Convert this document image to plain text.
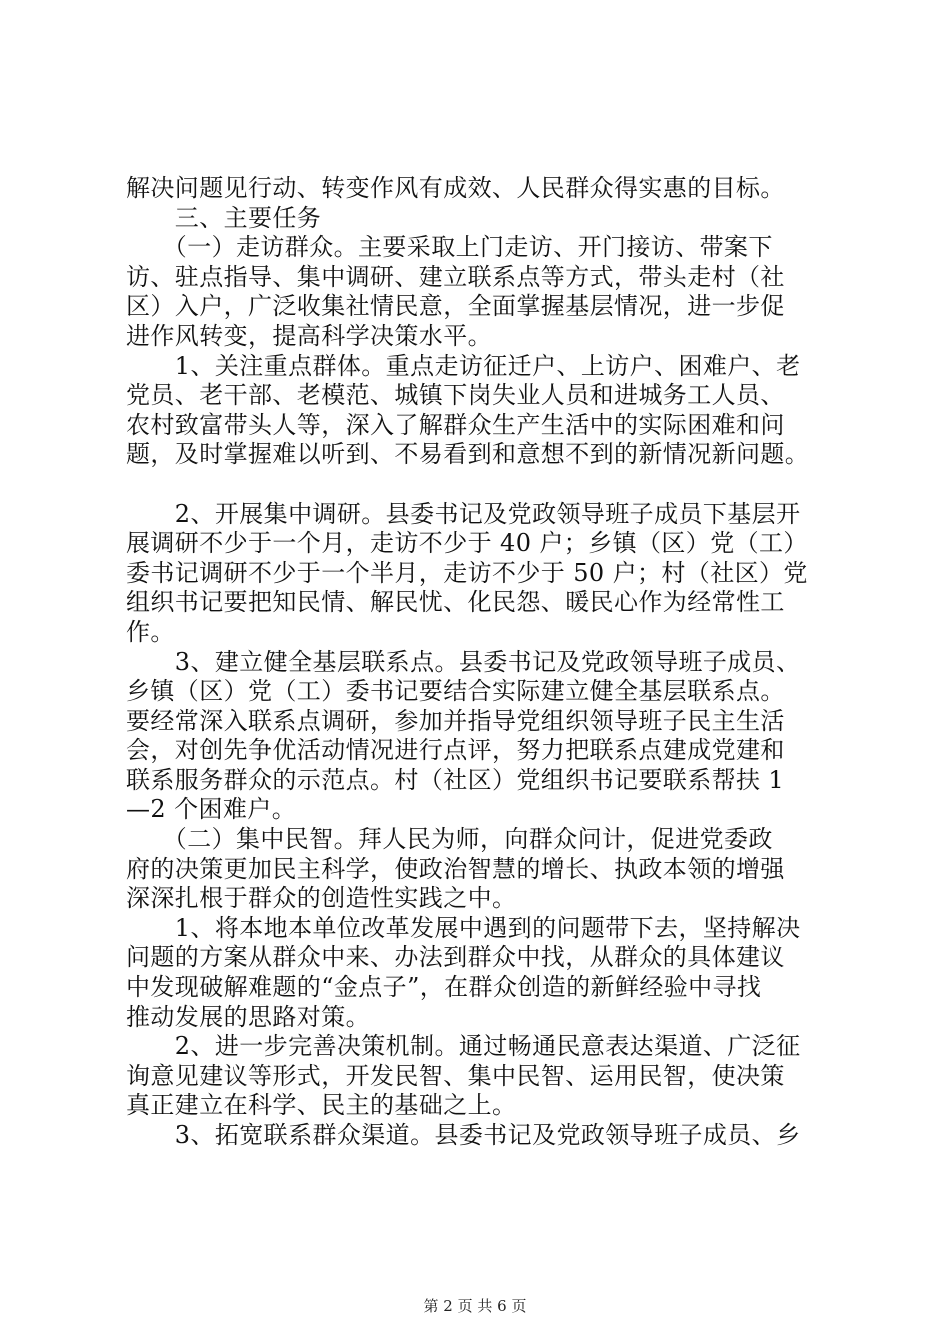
解决问题见行动、转变作风有成效、人民群众得实惠的目标。
　　三、主要任务
　　（一）走访群众。主要采取上门走访、开门接访、带案下
访、驻点指导、集中调研、建立联系点等方式，带头走村（社
区）入户，广泛收集社情民意，全面掌握基层情况，进一步促
进作风转变，提高科学决策水平。
　　1、关注重点群体。重点走访征迁户、上访户、困难户、老
党员、老干部、老模范、城镇下岗失业人员和进城务工人员、
农村致富带头人等，深入了解群众生产生活中的实际困难和问
题，及时掌握难以听到、不易看到和意想不到的新情况新问题。
　　2、开展集中调研。县委书记及党政领导班子成员下基层开
展调研不少于一个月，走访不少于 40 户；乡镇（区）党（工）
委书记调研不少于一个半月，走访不少于 50 户；村（社区）党
组织书记要把知民情、解民忧、化民怨、暖民心作为经常性工
作。
　　3、建立健全基层联系点。县委书记及党政领导班子成员、
乡镇（区）党（工）委书记要结合实际建立健全基层联系点。
要经常深入联系点调研，参加并指导党组织领导班子民主生活
会，对创先争优活动情况进行点评，努力把联系点建成党建和
联系服务群众的示范点。村（社区）党组织书记要联系帮扶 1
—2 个困难户。
　　（二）集中民智。拜人民为师，向群众问计，促进党委政
府的决策更加民主科学，使政治智慧的增长、执政本领的增强
深深扎根于群众的创造性实践之中。
　　1、将本地本单位改革发展中遇到的问题带下去，坚持解决
问题的方案从群众中来、办法到群众中找，从群众的具体建议
中发现破解难题的“金点子”，在群众创造的新鲜经验中寻找
推动发展的思路对策。
　　2、进一步完善决策机制。通过畅通民意表达渠道、广泛征
询意见建议等形式，开发民智、集中民智、运用民智，使决策
真正建立在科学、民主的基础之上。
　　3、拓宽联系群众渠道。县委书记及党政领导班子成员、乡
第 2 页 共 6 页
